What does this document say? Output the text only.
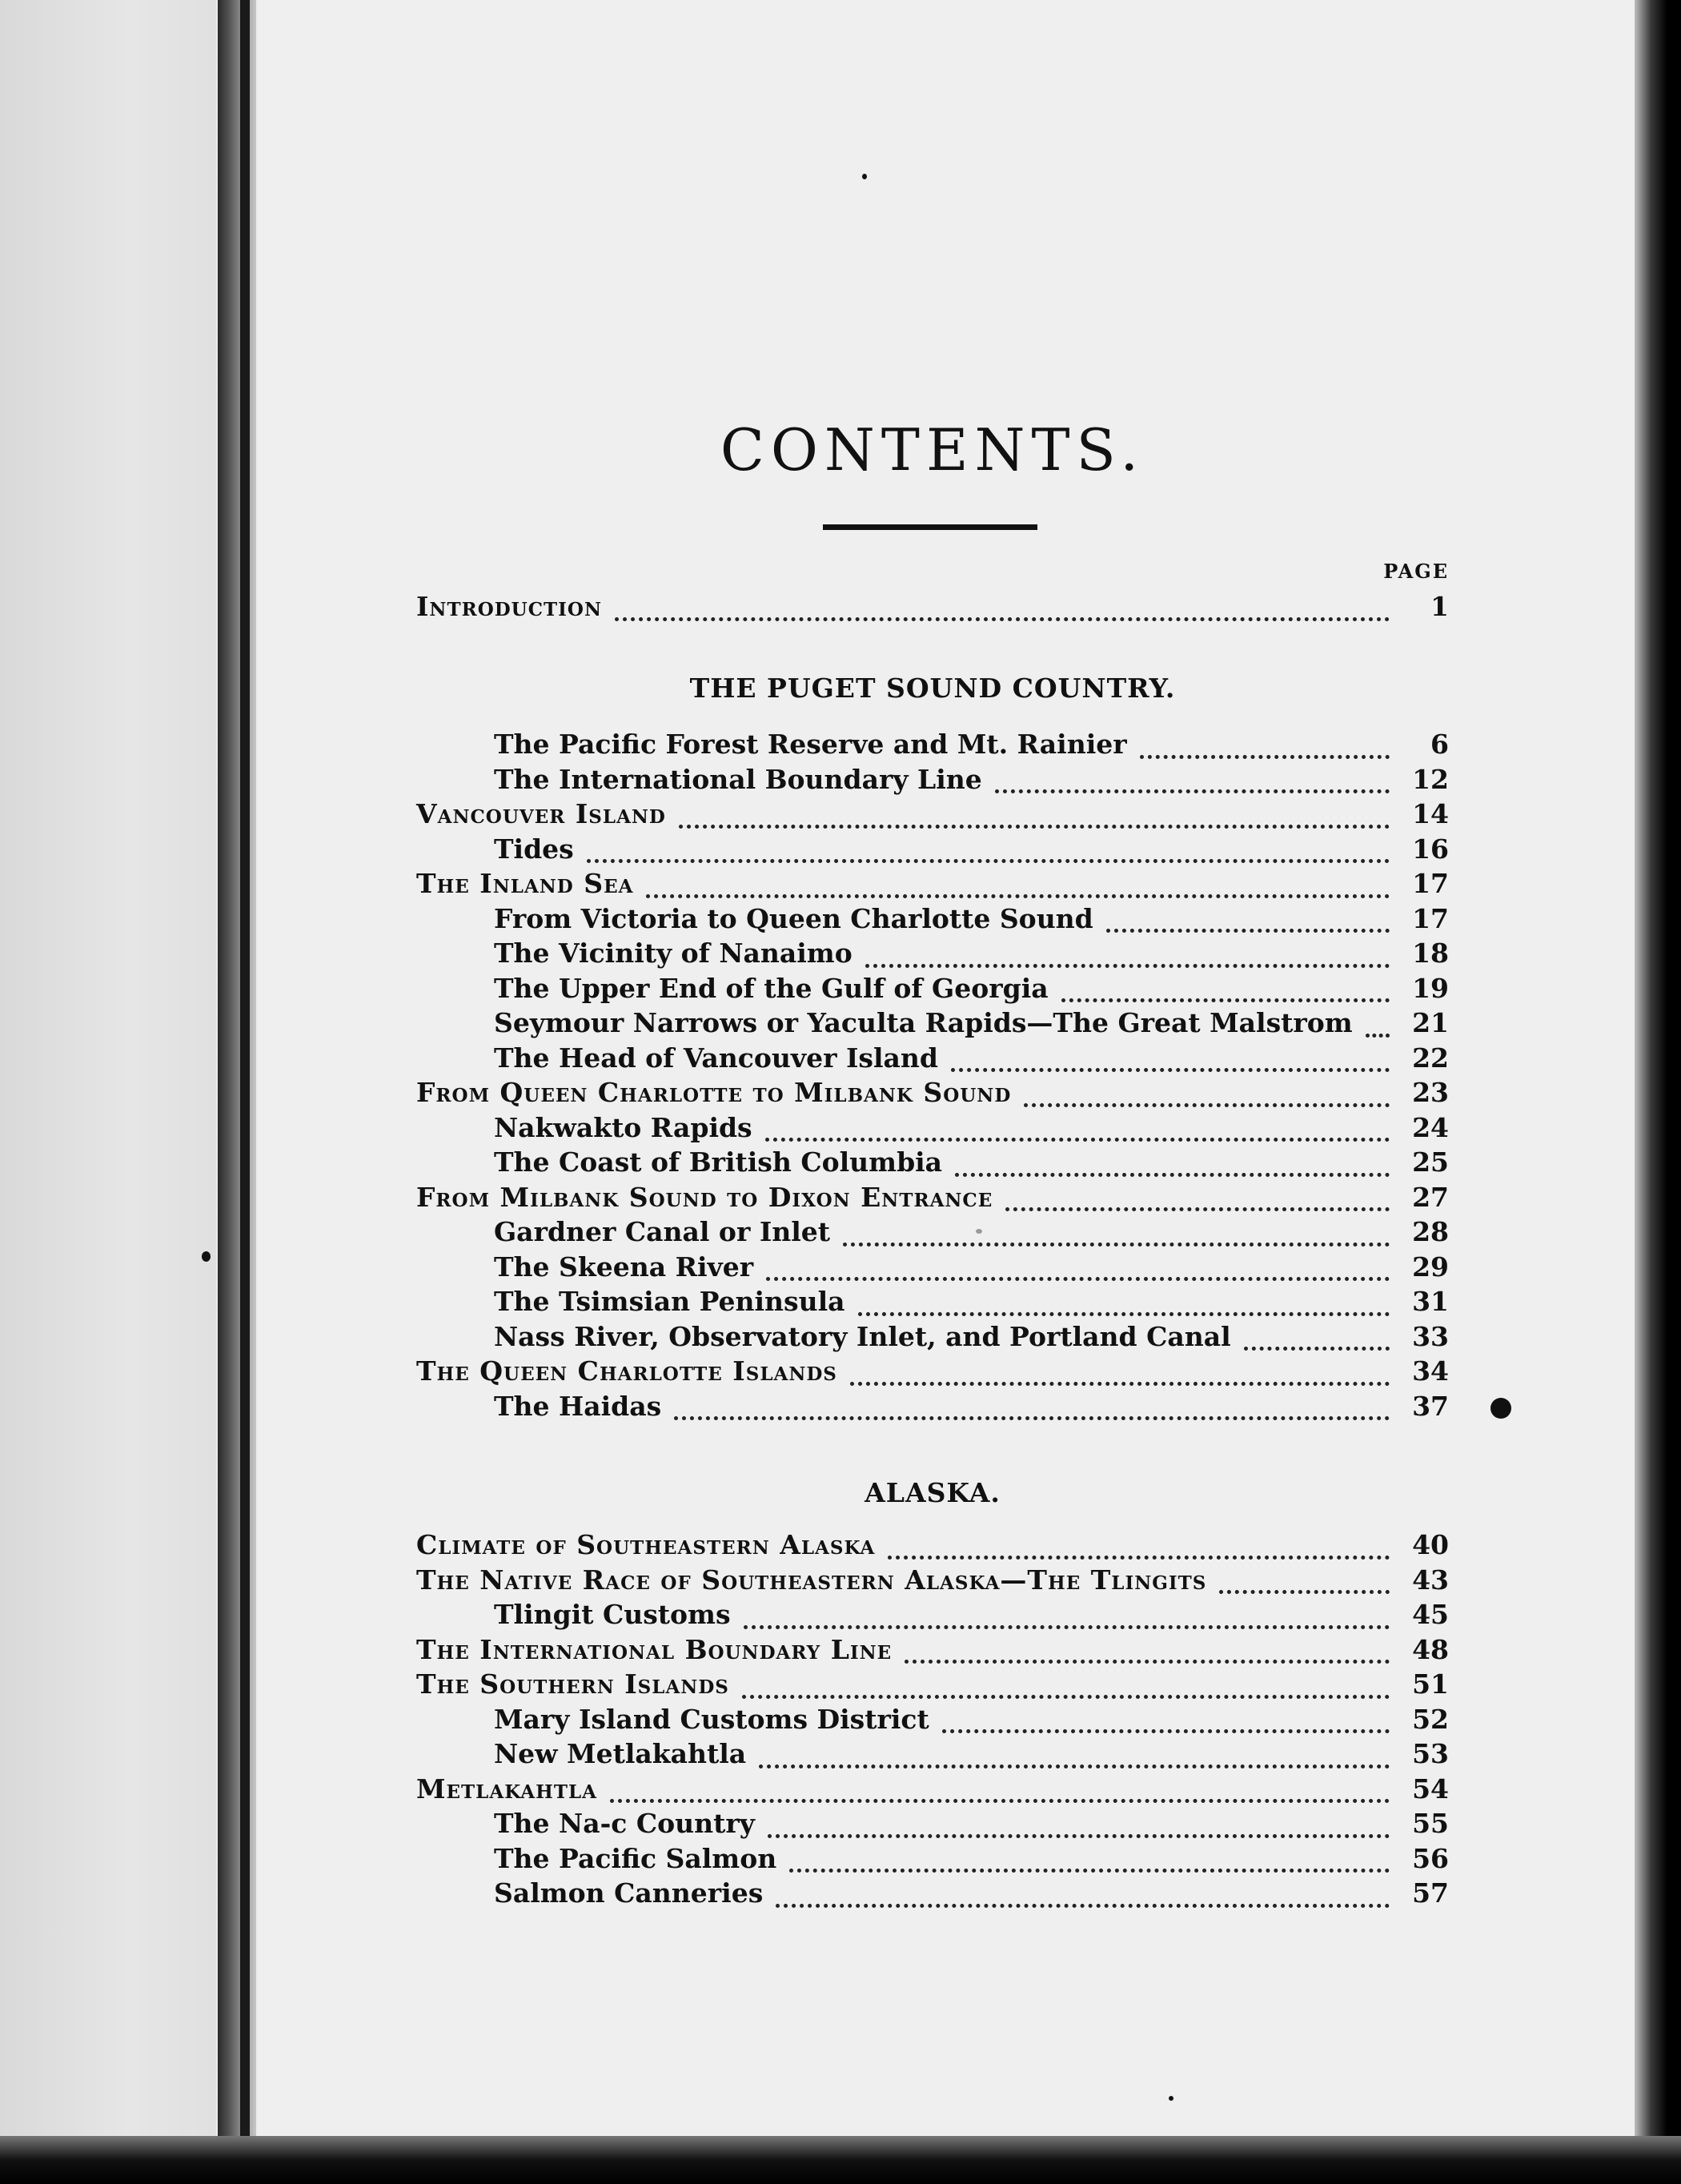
CONTENTS.
PAGE
Introduction	1
THE PUGET SOUND COUNTRY.
The Pacific Forest Reserve and Mt. Rainier	6
The International Boundary Line	12
Vancouver Island	14
Tides	16
The Inland Sea	17
From Victoria to Queen Charlotte Sound	17
The Vicinity of Nanaimo	18
The Upper End of the Gulf of Georgia	19
Seymour Narrows or Yaculta Rapids—The Great Malstrom	21
The Head of Vancouver Island	22
From Queen Charlotte to Milbank Sound	23
Nakwakto Rapids	24
The Coast of British Columbia	25
From Milbank Sound to Dixon Entrance	27
Gardner Canal or Inlet	28
The Skeena River	29
The Tsimsian Peninsula	31
Nass River, Observatory Inlet, and Portland Canal	33
The Queen Charlotte Islands	34
The Haidas	37
ALASKA.
Climate of Southeastern Alaska	40
The Native Race of Southeastern Alaska—The Tlingits	43
Tlingit Customs	45
The International Boundary Line	48
The Southern Islands	51
Mary Island Customs District	52
New Metlakahtla	53
Metlakahtla	54
The Na-c Country	55
The Pacific Salmon	56
Salmon Canneries	57
